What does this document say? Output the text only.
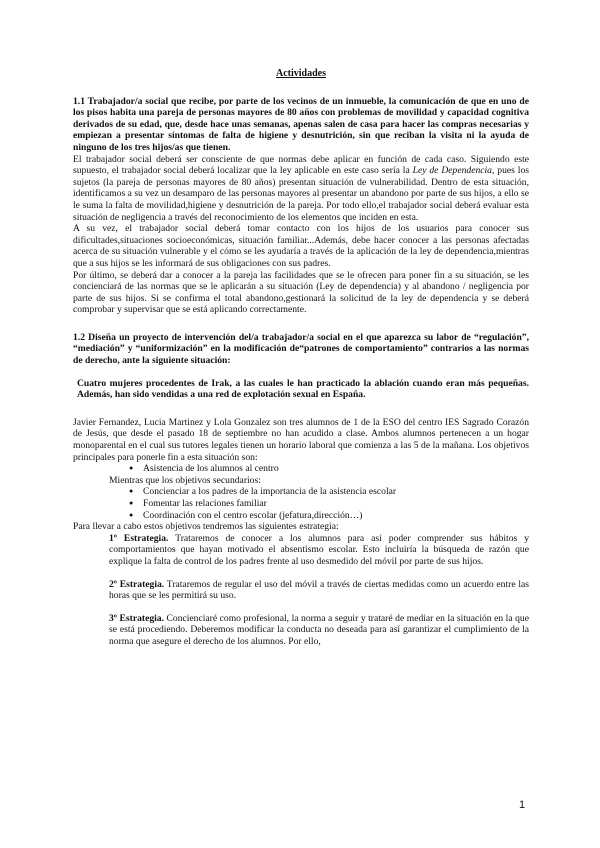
Actividades

1.1 Trabajador/a social que recibe, por parte de los vecinos de un inmueble, la comunicación de que en uno de los pisos habita una pareja de personas mayores de 80 años con problemas de movilidad y capacidad cognitiva derivados de su edad, que, desde hace unas semanas, apenas salen de casa para hacer las compras necesarias y empiezan a presentar síntomas de falta de higiene y desnutrición, sin que reciban la visita ni la ayuda de ninguno de los tres hijos/as que tienen.

El trabajador social deberá ser consciente de que normas debe aplicar en función de cada caso. Siguiendo este supuesto, el trabajador social deberá localizar que la ley aplicable en este caso sería la Ley de Dependencia, pues los sujetos (la pareja de personas mayores de 80 años) presentan situación de vulnerabilidad. Dentro de esta situación, identificamos a su vez un desamparo de las personas mayores al presentar un abandono por parte de sus hijos, a ello se le suma la falta de movilidad,higiene y desnutrición de la pareja. Por todo ello,el trabajador social deberá evaluar esta situación de negligencia a través del reconocimiento de los elementos que inciden en esta.

A su vez, el trabajador social deberá tomar contacto con los hijos de los usuarios para conocer sus dificultades,situaciones socioeconómicas, situación familiar...Además, debe hacer conocer a las personas afectadas acerca de su situación vulnerable y el cómo se les ayudaría a través de la aplicación de la ley de dependencia,mientras que a sus hijos se les informará de sus obligaciones con sus padres.

Por último, se deberá dar a conocer a la pareja las facilidades que se le ofrecen para poner fin a su situación, se les concienciará de las normas que se le aplicarán a su situación (Ley de dependencia) y al abandono / negligencia por parte de sus hijos. Si se confirma el total abandono,gestionará la solicitud de la ley de dependencia y se deberá comprobar y supervisar que se está aplicando correctamente.

1.2 Diseña un proyecto de intervención del/a trabajador/a social en el que aparezca su labor de “regulación”, “mediación” y “uniformización” en la modificación de“patrones de comportamiento” contrarios a las normas de derecho, ante la siguiente situación:

Cuatro mujeres procedentes de Irak, a las cuales le han practicado la ablación cuando eran más pequeñas. Además, han sido vendidas a una red de explotación sexual en España.

Javier Fernandez, Lucia Martinez y Lola Gonzalez son tres alumnos de 1 de la ESO del centro IES Sagrado Corazón de Jesús, que desde el pasado 18 de septiembre no han acudido a clase. Ambos alumnos pertenecen a un hogar monoparental en el cual sus tutores legales tienen un horario laboral que comienza a las 5 de la mañana. Los objetivos principales para ponerle fin a esta situación son:

● Asistencia de los alumnos al centro

Mientras que los objetivos secundarios:

● Concienciar a los padres de la importancia de la asistencia escolar
● Fomentar las relaciones familiar
● Coordinación con el centro escolar (jefatura,dirección…)

Para llevar a cabo estos objetivos tendremos las siguientes estrategia:

1º Estrategia. Trataremos de conocer a los alumnos para así poder comprender sus hábitos y comportamientos que hayan motivado el absentismo escolar. Esto incluiría la búsqueda de razón que explique la falta de control de los padres frente al uso desmedido del móvil por parte de sus hijos.

2º Estrategia. Trataremos de regular el uso del móvil a través de ciertas medidas como un acuerdo entre las horas que se les permitirá su uso.

3º Estrategia. Concienciaré como profesional, la norma a seguir y trataré de mediar en la situación en la que se está procediendo. Deberemos modificar la conducta no deseada para así garantizar el cumplimiento de la norma que asegure el derecho de los alumnos. Por ello,

1
